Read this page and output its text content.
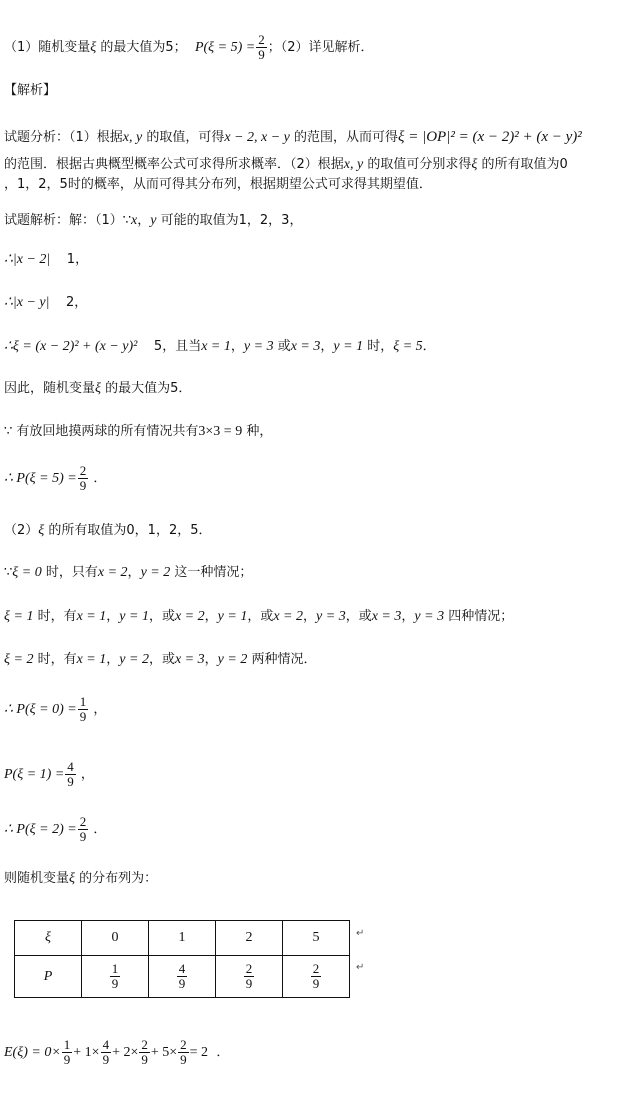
（1）随机变量ξ 的最大值为5； $P(\xi = 5) = \frac{2}{9}$ ；（2）详见解析．
【解析】
试题分析：（1）根据x, y 的取值，可得x − 2, x − y 的范围，从而可得ξ = |OP|² = (x − 2)² + (x − y)²
的范围．根据古典概型概率公式可求得所求概率．（2）根据x, y 的取值可分别求得ξ 的所有取值为0
，1，2，5时的概率，从而可得其分布列，根据期望公式可求得其期望值．
试题解析：解：（1）∵x，y 可能的取值为1，2，3，
∴|x − 2| 1，
∴|x − y| 2，
∴ξ = (x − 2)² + (x − y)² 5，且当x = 1，y = 3 或x = 3，y = 1 时，ξ = 5．
因此，随机变量ξ 的最大值为5．
∵ 有放回地摸两球的所有情况共有3×3 = 9 种，
∴ $P(\xi = 5) = \frac{2}{9}$ ．
（2）ξ 的所有取值为0，1，2，5．
∵ξ = 0 时，只有x = 2，y = 2 这一种情况；
ξ = 1 时，有x = 1，y = 1，或x = 2，y = 1，或x = 2，y = 3，或x = 3，y = 3 四种情况；
ξ = 2 时，有x = 1，y = 2，或x = 3，y = 2 两种情况．
∴ $P(\xi = 0) = \frac{1}{9}$ ，
$P(\xi = 1) = \frac{4}{9}$ ，
∴ $P(\xi = 2) = \frac{2}{9}$ ．
则随机变量ξ 的分布列为：
ξ	0	1	2	5
P	$\frac{1}{9}$	$\frac{4}{9}$	$\frac{2}{9}$	$\frac{2}{9}$
↵
↵
$E(\xi) = 0\times \frac{1}{9} + 1\times \frac{4}{9} + 2\times \frac{2}{9} + 5\times \frac{2}{9} = 2$ ．
